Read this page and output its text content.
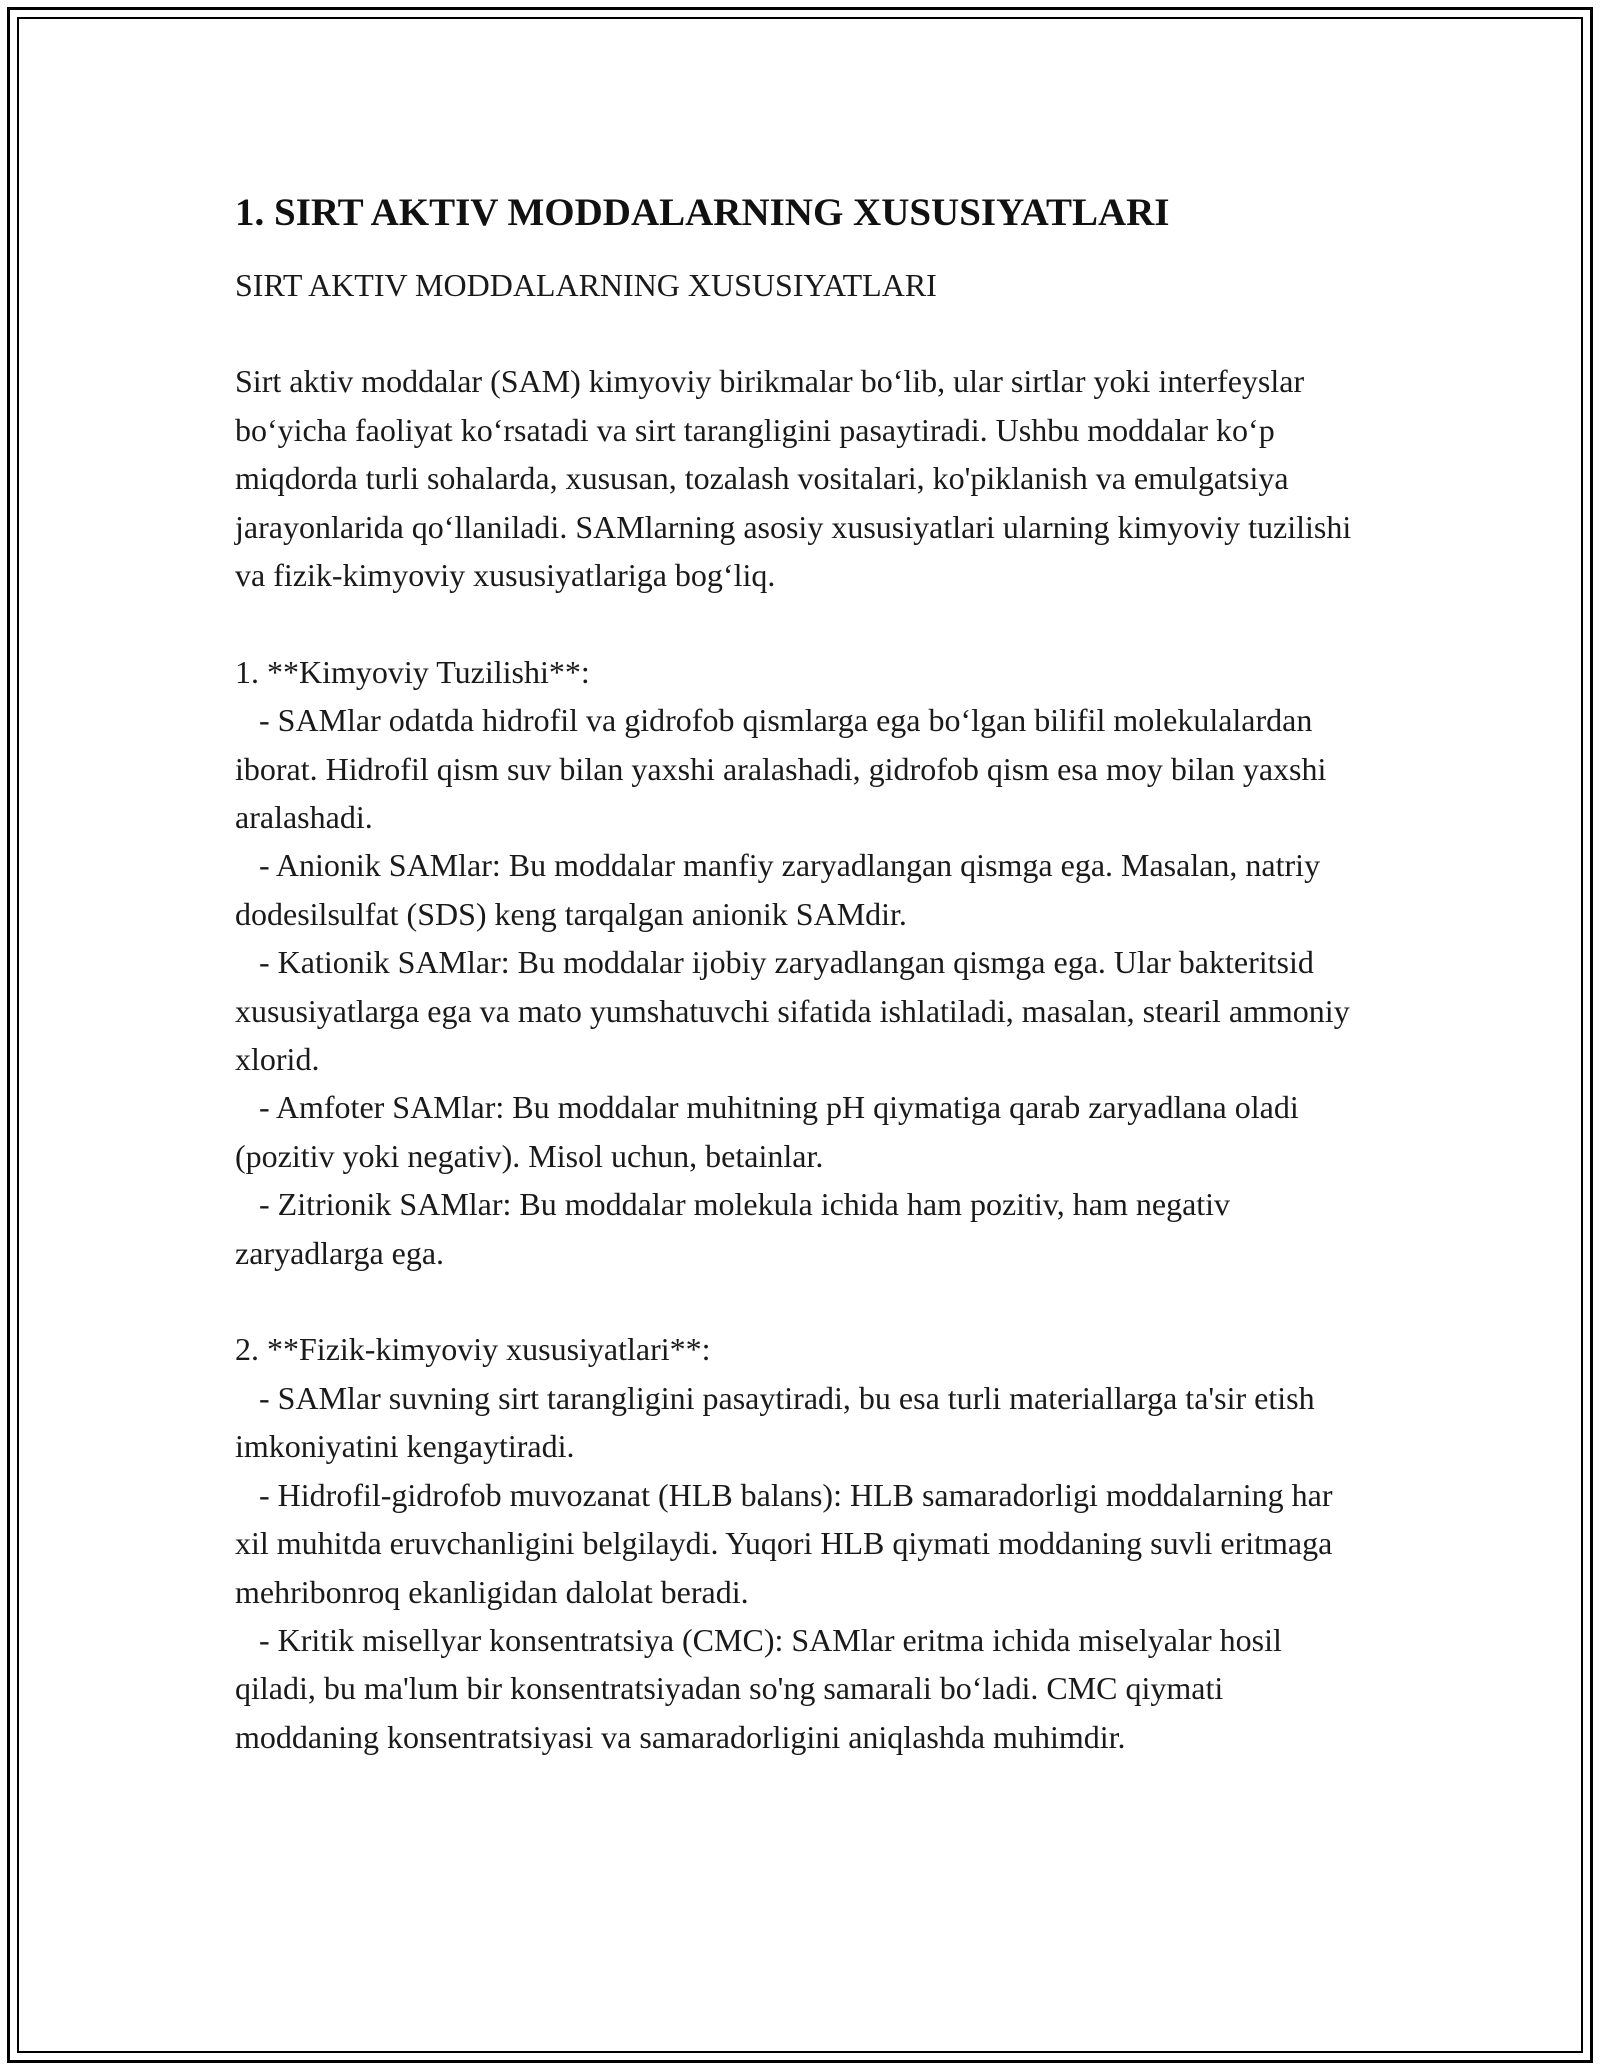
1. SIRT AKTIV MODDALARNING XUSUSIYATLARI

SIRT AKTIV MODDALARNING XUSUSIYATLARI

Sirt aktiv moddalar (SAM) kimyoviy birikmalar bo‘lib, ular sirtlar yoki interfeyslar bo‘yicha faoliyat ko‘rsatadi va sirt tarangligini pasaytiradi. Ushbu moddalar ko‘p miqdorda turli sohalarda, xususan, tozalash vositalari, ko'piklanish va emulgatsiya jarayonlarida qo‘llaniladi. SAMlarning asosiy xususiyatlari ularning kimyoviy tuzilishi va fizik-kimyoviy xususiyatlariga bog‘liq.

1. **Kimyoviy Tuzilishi**:

- SAMlar odatda hidrofil va gidrofob qismlarga ega bo‘lgan bilifil molekulalardan iborat. Hidrofil qism suv bilan yaxshi aralashadi, gidrofob qism esa moy bilan yaxshi aralashadi.

- Anionik SAMlar: Bu moddalar manfiy zaryadlangan qismga ega. Masalan, natriy dodesilsulfat (SDS) keng tarqalgan anionik SAMdir.

- Kationik SAMlar: Bu moddalar ijobiy zaryadlangan qismga ega. Ular bakteritsid xususiyatlarga ega va mato yumshatuvchi sifatida ishlatiladi, masalan, stearil ammoniy xlorid.

- Amfoter SAMlar: Bu moddalar muhitning pH qiymatiga qarab zaryadlana oladi (pozitiv yoki negativ). Misol uchun, betainlar.

- Zitrionik SAMlar: Bu moddalar molekula ichida ham pozitiv, ham negativ zaryadlarga ega.

2. **Fizik-kimyoviy xususiyatlari**:

- SAMlar suvning sirt tarangligini pasaytiradi, bu esa turli materiallarga ta'sir etish imkoniyatini kengaytiradi.

- Hidrofil-gidrofob muvozanat (HLB balans): HLB samaradorligi moddalarning har xil muhitda eruvchanligini belgilaydi. Yuqori HLB qiymati moddaning suvli eritmaga mehribonroq ekanligidan dalolat beradi.

- Kritik misellyar konsentratsiya (CMC): SAMlar eritma ichida miselyalar hosil qiladi, bu ma'lum bir konsentratsiyadan so'ng samarali bo‘ladi. CMC qiymati moddaning konsentratsiyasi va samaradorligini aniqlashda muhimdir.
